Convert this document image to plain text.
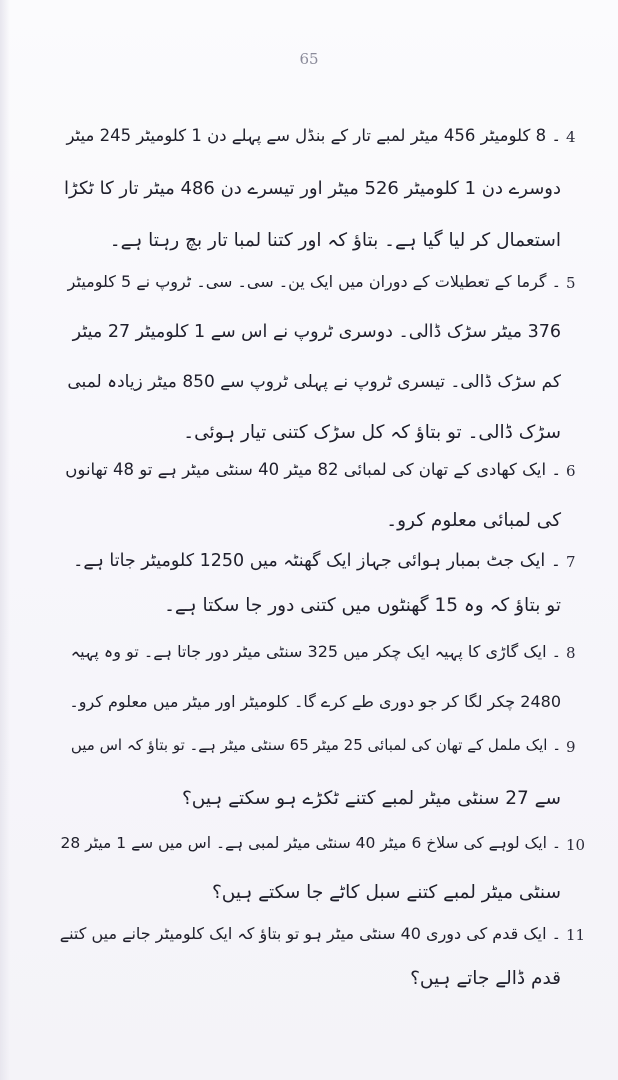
65
4
۔ 8 کلومیٹر 456 میٹر لمبے تار کے بنڈل سے پہلے دن 1 کلومیٹر 245 میٹر
دوسرے دن 1 کلومیٹر 526 میٹر اور تیسرے دن 486 میٹر تار کا ٹکڑا
استعمال کر لیا گیا ہے۔ بتاؤ کہ اور کتنا لمبا تار بچ رہتا ہے۔
5
۔ گرما کے تعطیلات کے دوران میں ایک ین۔ سی۔ سی۔ ٹروپ نے 5 کلومیٹر
376 میٹر سڑک ڈالی۔ دوسری ٹروپ نے اس سے 1 کلومیٹر 27 میٹر
کم سڑک ڈالی۔ تیسری ٹروپ نے پہلی ٹروپ سے 850 میٹر زیادہ لمبی
سڑک ڈالی۔ تو بتاؤ کہ کل سڑک کتنی تیار ہوئی۔
6
۔ ایک کھادی کے تھان کی لمبائی 82 میٹر 40 سنٹی میٹر ہے تو 48 تھانوں
کی لمبائی معلوم کرو۔
7
۔ ایک جٹ بمبار ہوائی جہاز ایک گھنٹہ میں 1250 کلومیٹر جاتا ہے۔
تو بتاؤ کہ وہ 15 گھنٹوں میں کتنی دور جا سکتا ہے۔
8
۔ ایک گاڑی کا پہیہ ایک چکر میں 325 سنٹی میٹر دور جاتا ہے۔ تو وہ پہیہ
2480 چکر لگا کر جو دوری طے کرے گا۔ کلومیٹر اور میٹر میں معلوم کرو۔
9
۔ ایک ململ کے تھان کی لمبائی 25 میٹر 65 سنٹی میٹر ہے۔ تو بتاؤ کہ اس میں
سے 27 سنٹی میٹر لمبے کتنے ٹکڑے ہو سکتے ہیں؟
10
۔ ایک لوہے کی سلاخ 6 میٹر 40 سنٹی میٹر لمبی ہے۔ اس میں سے 1 میٹر 28
سنٹی میٹر لمبے کتنے سبل کاٹے جا سکتے ہیں؟
11
۔ ایک قدم کی دوری 40 سنٹی میٹر ہو تو بتاؤ کہ ایک کلومیٹر جانے میں کتنے
قدم ڈالے جاتے ہیں؟
